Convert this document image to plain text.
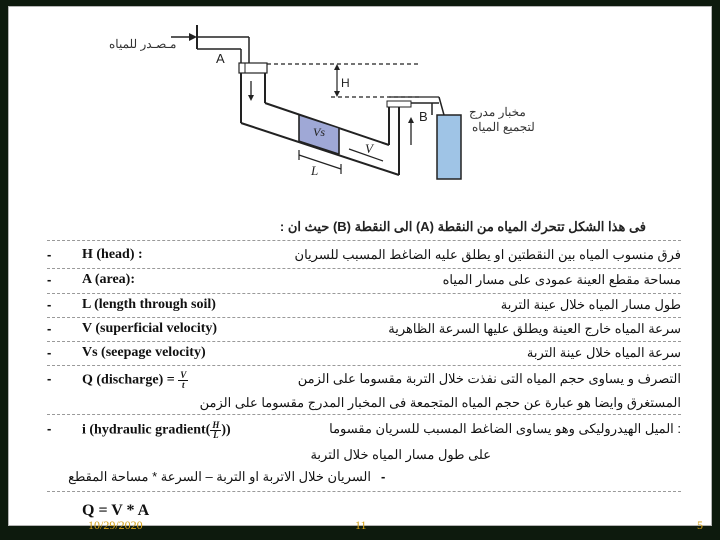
A
B
H
Vs
V
L
مـصـدر للمياه
مخبار مدرج
لتجميع المياه
فى هذا الشكل تتحرك المياه من النقطة (A) الى النقطة (B) حيث ان :
- H (head) :	فرق منسوب المياه بين النقطتين او يطلق عليه الضاغط المسبب للسريان
- A (area):	مساحة مقطع العينة عمودى على مسار المياه
- L (length through soil)	طول مسار المياه خلال عينة التربة
- V (superficial velocity)	سرعة المياه خارج العينة ويطلق عليها السرعة الظاهرية
- Vs (seepage velocity)	سرعة المياه خلال عينة التربة
- Q (discharge) = $\frac{V}{t}$	التصرف و يساوى حجم المياه التى نفذت خلال التربة مقسوما على الزمن
المستغرق وايضا هو عبارة عن حجم المياه المتجمعة فى المخبار المدرج مقسوما على الزمن
- i (hydraulic gradient( $\frac{H}{L}$ ))	: الميل الهيدروليكى وهو يساوى الضاغط المسبب للسريان مقسوما
على طول مسار المياه خلال التربة
السريان خلال الاتربة او التربة – السرعة * مساحة المقطع -
Q = V * A
10/29/2020	11	5
